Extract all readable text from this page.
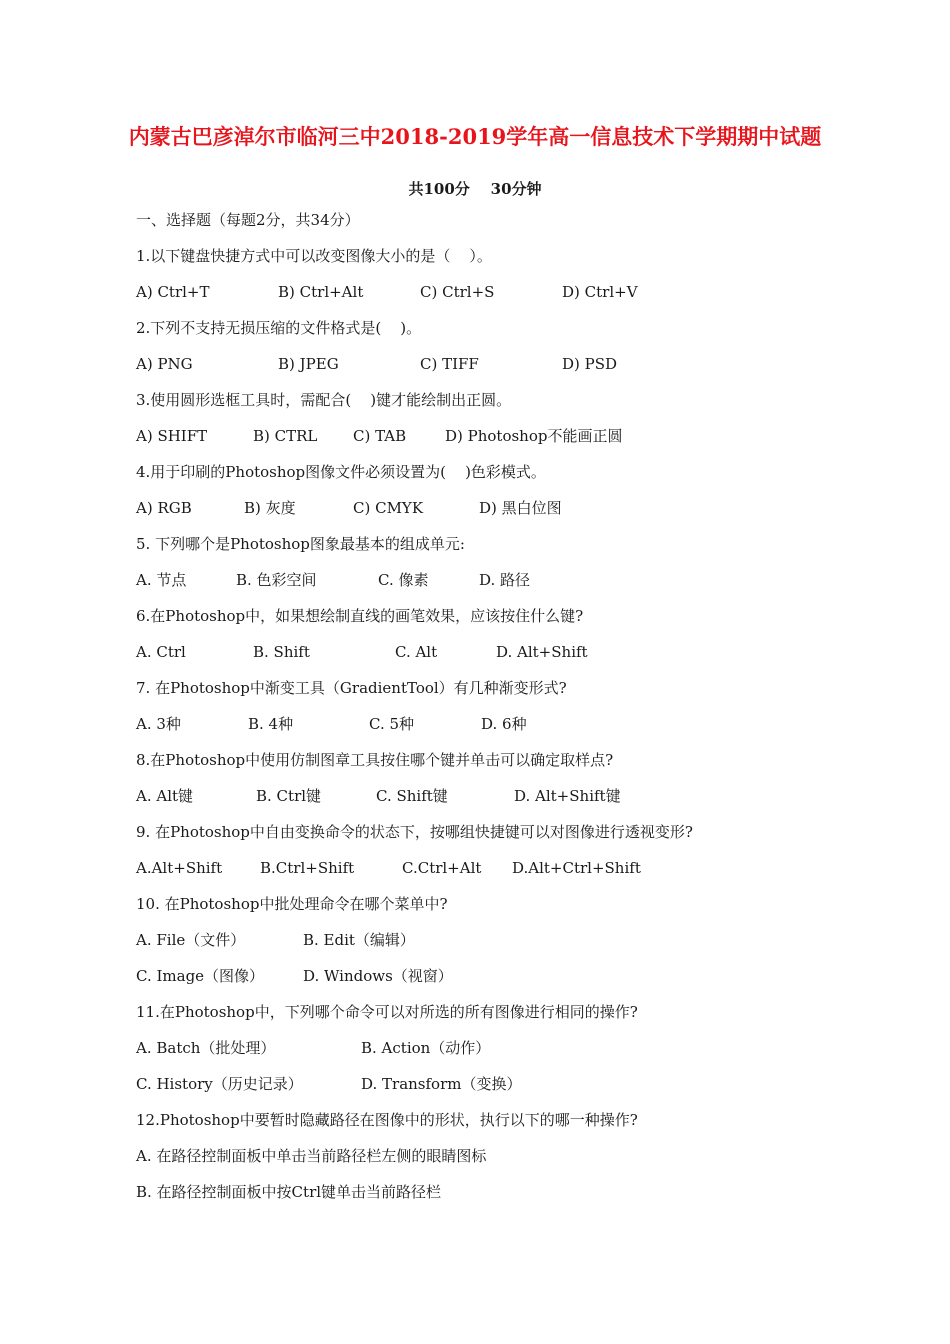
内蒙古巴彦淖尔市临河三中2018-2019学年高一信息技术下学期期中试题
共100分    30分钟
一、选择题（每题2分，共34分）
1.以下键盘快捷方式中可以改变图像大小的是（    ）。

A) Ctrl+T

	B) Ctrl+Alt

	C) Ctrl+S

	D) Ctrl+V

2.下列不支持无损压缩的文件格式是(    )。

A) PNG

	B) JPEG

	C) TIFF

	D) PSD

3.使用圆形选框工具时，需配合(    )键才能绘制出正圆。

A) SHIFT

	B) CTRL

C) TAB

	D) Photoshop不能画正圆

4.用于印刷的Photoshop图像文件必须设置为(    )色彩模式。

A) RGB

	B) 灰度

	C) CMYK

	D) 黑白位图

5. 下列哪个是Photoshop图象最基本的组成单元:

A. 节点

	B. 色彩空间

	C. 像素

	D. 路径

6.在Photoshop中，如果想绘制直线的画笔效果，应该按住什么键?

A. Ctrl

	B. Shift

	C. Alt

	D. Alt+Shift

7. 在Photoshop中渐变工具（GradientTool）有几种渐变形式?

A. 3种

	B. 4种

	C. 5种

	D. 6种

8.在Photoshop中使用仿制图章工具按住哪个键并单击可以确定取样点?

A. Alt键

	B. Ctrl键

	C. Shift键

	D. Alt+Shift键

9. 在Photoshop中自由变换命令的状态下，按哪组快捷键可以对图像进行透视变形?

A.Alt+Shift

	B.Ctrl+Shift

	C.Ctrl+Alt

D.Alt+Ctrl+Shift

10. 在Photoshop中批处理命令在哪个菜单中?

A. File（文件）

	B. Edit（编辑）

C. Image（图像）

	D. Windows（视窗）

11.在Photoshop中，下列哪个命令可以对所选的所有图像进行相同的操作?

A. Batch（批处理）

	B. Action（动作）

C. History（历史记录）

	D. Transform（变换）

12.Photoshop中要暂时隐藏路径在图像中的形状，执行以下的哪一种操作?
A. 在路径控制面板中单击当前路径栏左侧的眼睛图标
B. 在路径控制面板中按Ctrl键单击当前路径栏
